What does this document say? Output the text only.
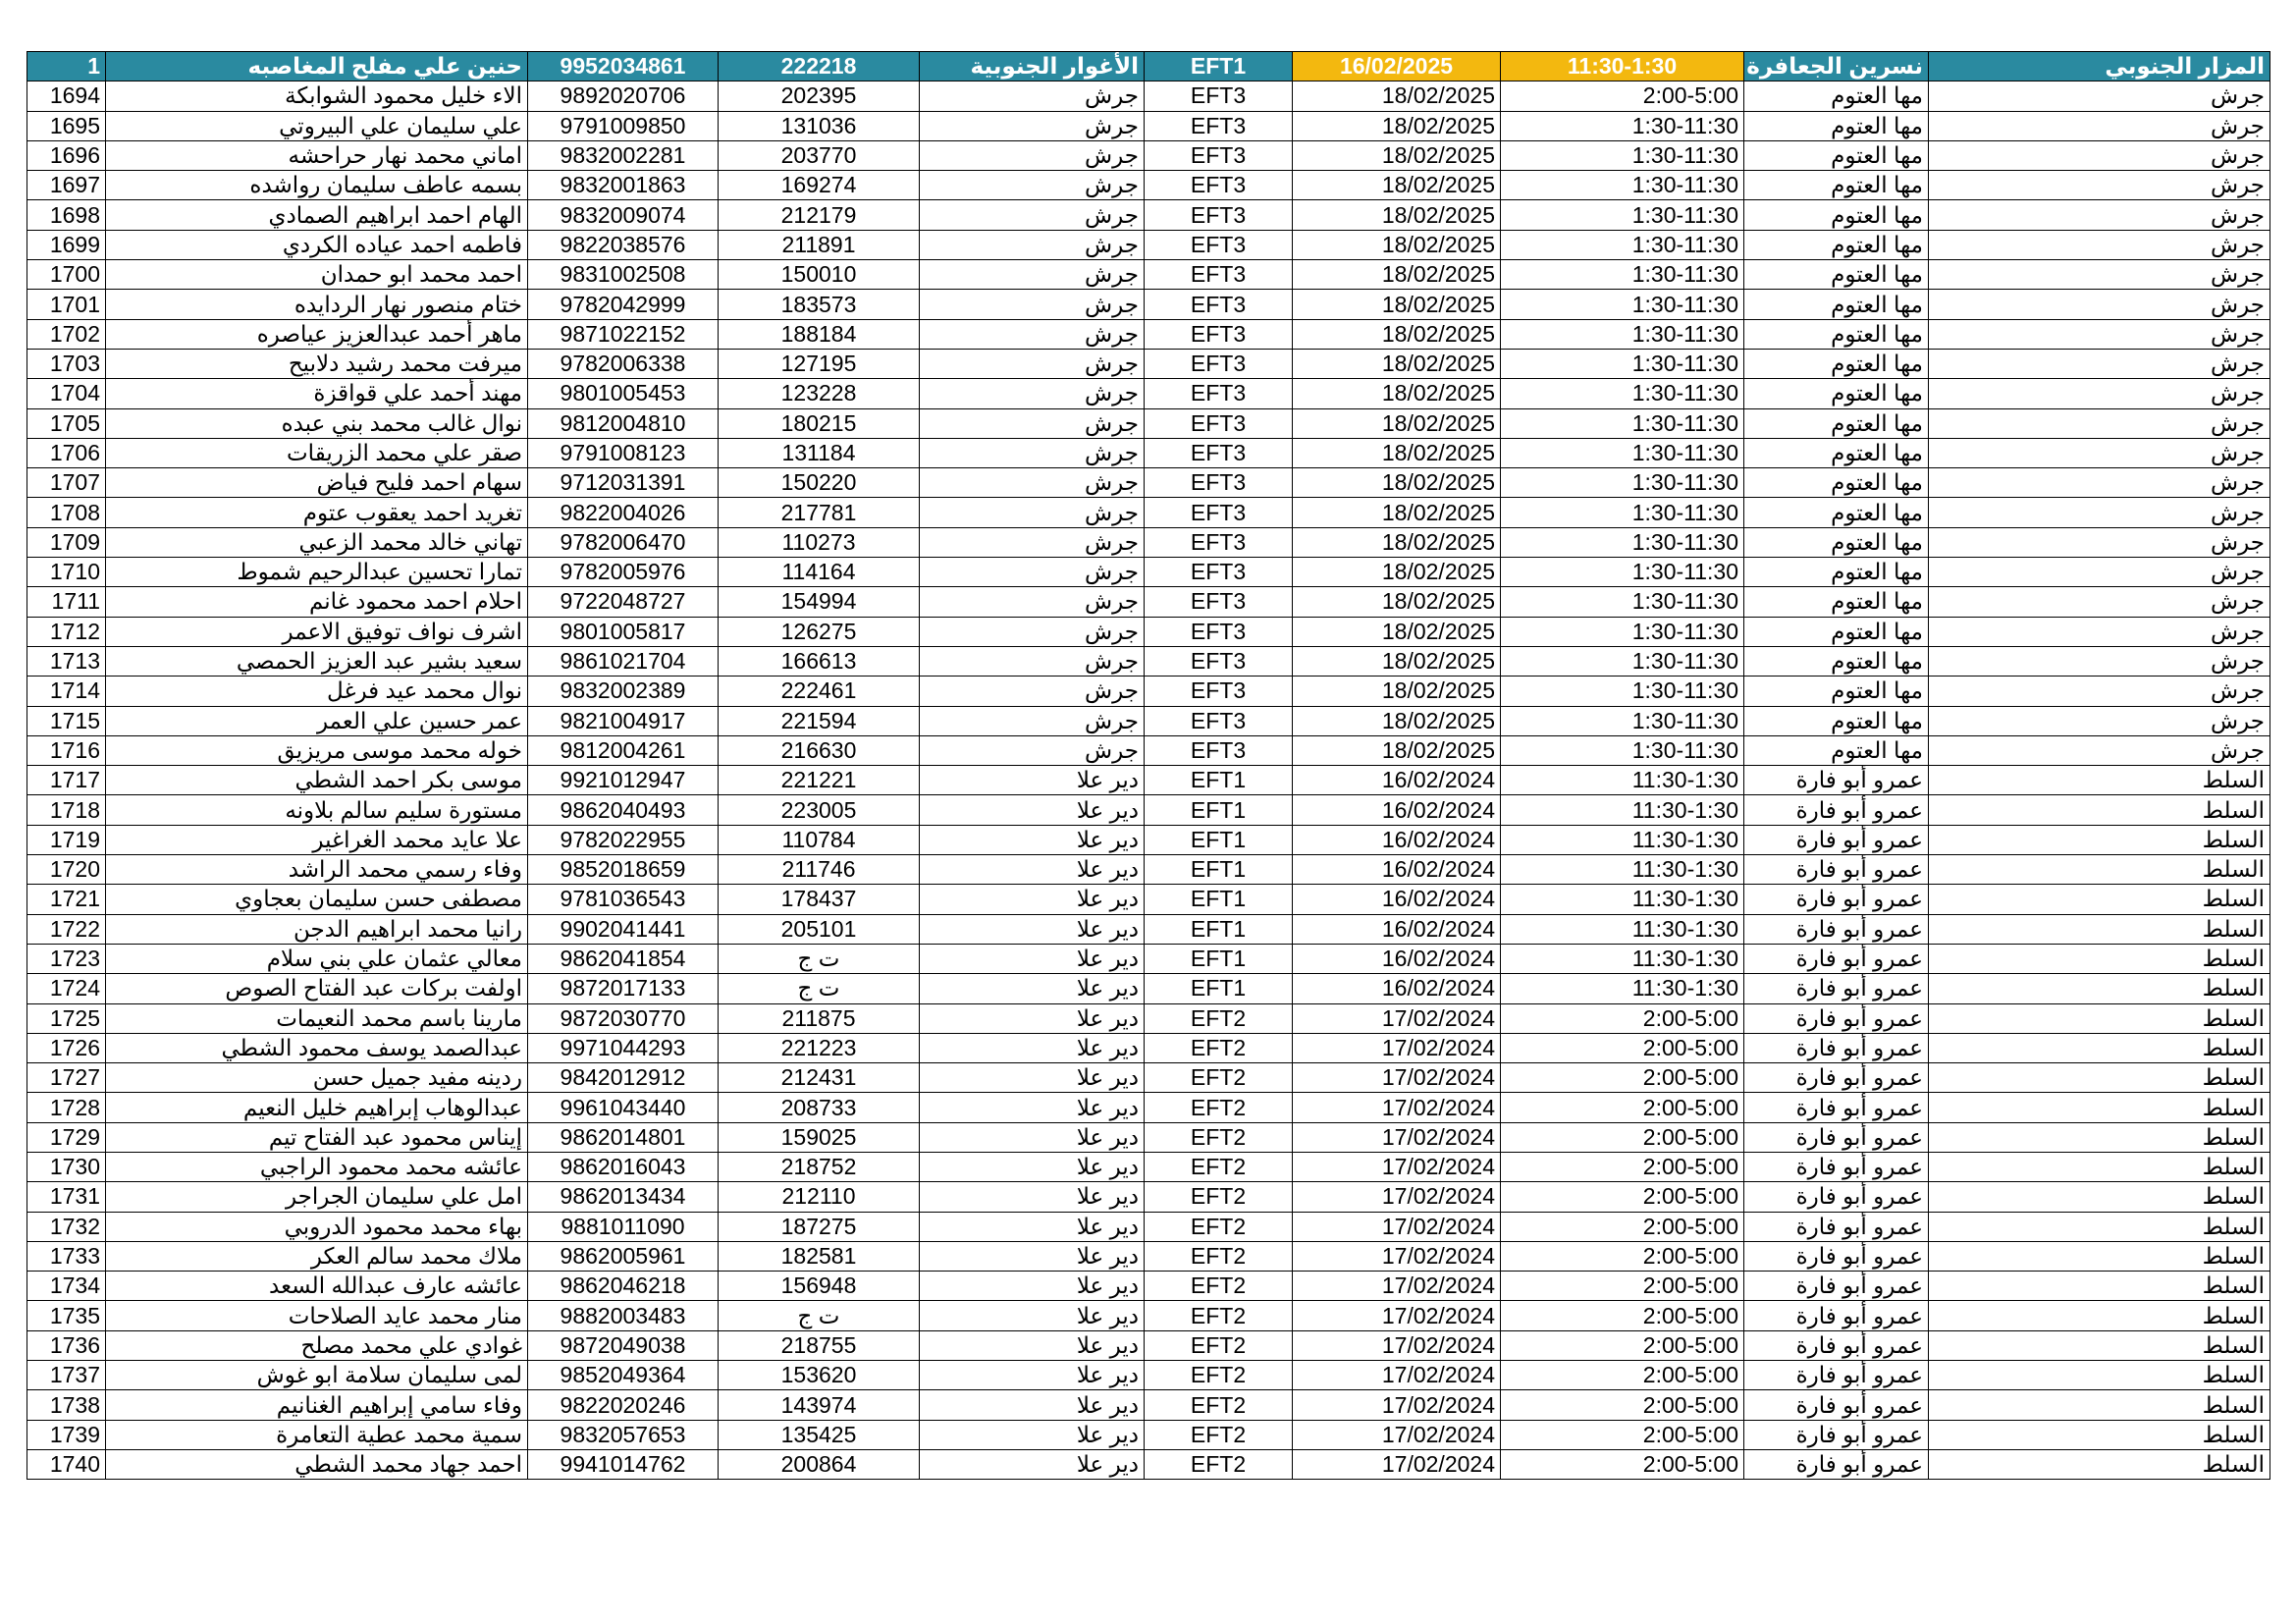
1	حنين علي مفلح المغاصبه	9952034861	222218	الأغوار الجنوبية	EFT1	16/02/2025	11:30-1:30	نسرين الجعافرة	المزار الجنوبي
1694	الاء خليل محمود الشوابكة	9892020706	202395	جرش	EFT3	18/02/2025	2:00-5:00	مها العتوم	جرش
1695	علي سليمان علي البيروتي	9791009850	131036	جرش	EFT3	18/02/2025	1:30-11:30	مها العتوم	جرش
1696	اماني محمد نهار حراحشه	9832002281	203770	جرش	EFT3	18/02/2025	1:30-11:30	مها العتوم	جرش
1697	بسمه عاطف سليمان رواشده	9832001863	169274	جرش	EFT3	18/02/2025	1:30-11:30	مها العتوم	جرش
1698	الهام احمد ابراهيم الصمادي	9832009074	212179	جرش	EFT3	18/02/2025	1:30-11:30	مها العتوم	جرش
1699	فاطمه احمد عياده الكردي	9822038576	211891	جرش	EFT3	18/02/2025	1:30-11:30	مها العتوم	جرش
1700	احمد محمد ابو حمدان	9831002508	150010	جرش	EFT3	18/02/2025	1:30-11:30	مها العتوم	جرش
1701	ختام منصور نهار الردايده	9782042999	183573	جرش	EFT3	18/02/2025	1:30-11:30	مها العتوم	جرش
1702	ماهر أحمد عبدالعزيز عياصره	9871022152	188184	جرش	EFT3	18/02/2025	1:30-11:30	مها العتوم	جرش
1703	ميرفت محمد رشيد دلابيح	9782006338	127195	جرش	EFT3	18/02/2025	1:30-11:30	مها العتوم	جرش
1704	مهند أحمد علي قواقزة	9801005453	123228	جرش	EFT3	18/02/2025	1:30-11:30	مها العتوم	جرش
1705	نوال غالب محمد بني عبده	9812004810	180215	جرش	EFT3	18/02/2025	1:30-11:30	مها العتوم	جرش
1706	صقر علي محمد الزريقات	9791008123	131184	جرش	EFT3	18/02/2025	1:30-11:30	مها العتوم	جرش
1707	سهام احمد فليح فياض	9712031391	150220	جرش	EFT3	18/02/2025	1:30-11:30	مها العتوم	جرش
1708	تغريد احمد يعقوب عتوم	9822004026	217781	جرش	EFT3	18/02/2025	1:30-11:30	مها العتوم	جرش
1709	تهاني خالد محمد الزعبي	9782006470	110273	جرش	EFT3	18/02/2025	1:30-11:30	مها العتوم	جرش
1710	تمارا تحسين عبدالرحيم شموط	9782005976	114164	جرش	EFT3	18/02/2025	1:30-11:30	مها العتوم	جرش
1711	احلام احمد محمود غانم	9722048727	154994	جرش	EFT3	18/02/2025	1:30-11:30	مها العتوم	جرش
1712	اشرف نواف توفيق الاعمر	9801005817	126275	جرش	EFT3	18/02/2025	1:30-11:30	مها العتوم	جرش
1713	سعيد بشير عبد العزيز الحمصي	9861021704	166613	جرش	EFT3	18/02/2025	1:30-11:30	مها العتوم	جرش
1714	نوال محمد عيد فرغل	9832002389	222461	جرش	EFT3	18/02/2025	1:30-11:30	مها العتوم	جرش
1715	عمر حسين علي العمر	9821004917	221594	جرش	EFT3	18/02/2025	1:30-11:30	مها العتوم	جرش
1716	خوله محمد موسى مريزيق	9812004261	216630	جرش	EFT3	18/02/2025	1:30-11:30	مها العتوم	جرش
1717	موسى بكر احمد الشطي	9921012947	221221	دير علا	EFT1	16/02/2024	11:30-1:30	عمرو أبو فارة	السلط
1718	مستورة سليم سالم بلاونه	9862040493	223005	دير علا	EFT1	16/02/2024	11:30-1:30	عمرو أبو فارة	السلط
1719	علا عايد محمد الغراغير	9782022955	110784	دير علا	EFT1	16/02/2024	11:30-1:30	عمرو أبو فارة	السلط
1720	وفاء رسمي محمد الراشد	9852018659	211746	دير علا	EFT1	16/02/2024	11:30-1:30	عمرو أبو فارة	السلط
1721	مصطفى حسن سليمان بعجاوي	9781036543	178437	دير علا	EFT1	16/02/2024	11:30-1:30	عمرو أبو فارة	السلط
1722	رانيا محمد ابراهيم الدجن	9902041441	205101	دير علا	EFT1	16/02/2024	11:30-1:30	عمرو أبو فارة	السلط
1723	معالي عثمان علي بني سلام	9862041854	ت ج	دير علا	EFT1	16/02/2024	11:30-1:30	عمرو أبو فارة	السلط
1724	اولفت بركات عبد الفتاح الصوص	9872017133	ت ج	دير علا	EFT1	16/02/2024	11:30-1:30	عمرو أبو فارة	السلط
1725	مارينا باسم محمد النعيمات	9872030770	211875	دير علا	EFT2	17/02/2024	2:00-5:00	عمرو أبو فارة	السلط
1726	عبدالصمد يوسف محمود الشطي	9971044293	221223	دير علا	EFT2	17/02/2024	2:00-5:00	عمرو أبو فارة	السلط
1727	ردينه مفيد جميل حسن	9842012912	212431	دير علا	EFT2	17/02/2024	2:00-5:00	عمرو أبو فارة	السلط
1728	عبدالوهاب إبراهيم خليل النعيم	9961043440	208733	دير علا	EFT2	17/02/2024	2:00-5:00	عمرو أبو فارة	السلط
1729	إيناس محمود عبد الفتاح تيم	9862014801	159025	دير علا	EFT2	17/02/2024	2:00-5:00	عمرو أبو فارة	السلط
1730	عائشه محمد محمود الراجبي	9862016043	218752	دير علا	EFT2	17/02/2024	2:00-5:00	عمرو أبو فارة	السلط
1731	امل علي سليمان الجراجر	9862013434	212110	دير علا	EFT2	17/02/2024	2:00-5:00	عمرو أبو فارة	السلط
1732	بهاء محمد محمود الدروبي	9881011090	187275	دير علا	EFT2	17/02/2024	2:00-5:00	عمرو أبو فارة	السلط
1733	ملاك محمد سالم العكر	9862005961	182581	دير علا	EFT2	17/02/2024	2:00-5:00	عمرو أبو فارة	السلط
1734	عائشه عارف عبدالله السعد	9862046218	156948	دير علا	EFT2	17/02/2024	2:00-5:00	عمرو أبو فارة	السلط
1735	منار محمد عايد الصلاحات	9882003483	ت ج	دير علا	EFT2	17/02/2024	2:00-5:00	عمرو أبو فارة	السلط
1736	غوادي علي محمد مصلح	9872049038	218755	دير علا	EFT2	17/02/2024	2:00-5:00	عمرو أبو فارة	السلط
1737	لمى سليمان سلامة ابو غوش	9852049364	153620	دير علا	EFT2	17/02/2024	2:00-5:00	عمرو أبو فارة	السلط
1738	وفاء سامي إبراهيم الغنانيم	9822020246	143974	دير علا	EFT2	17/02/2024	2:00-5:00	عمرو أبو فارة	السلط
1739	سمية محمد عطية التعامرة	9832057653	135425	دير علا	EFT2	17/02/2024	2:00-5:00	عمرو أبو فارة	السلط
1740	احمد جهاد محمد الشطي	9941014762	200864	دير علا	EFT2	17/02/2024	2:00-5:00	عمرو أبو فارة	السلط
